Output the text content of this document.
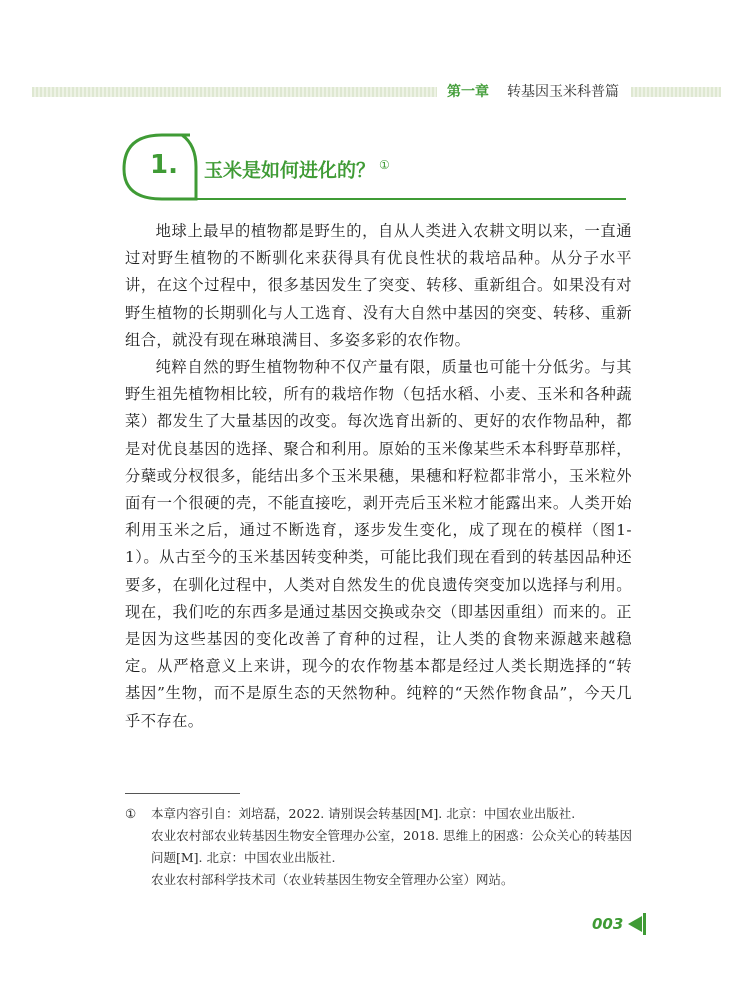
第一章 转基因玉米科普篇
1. 玉米是如何进化的？ ①

地球上最早的植物都是野生的，自从人类进入农耕文明以来，一直通过对野生植物的不断驯化来获得具有优良性状的栽培品种。从分子水平讲，在这个过程中，很多基因发生了突变、转移、重新组合。如果没有对野生植物的长期驯化与人工选育、没有大自然中基因的突变、转移、重新组合，就没有现在琳琅满目、多姿多彩的农作物。

纯粹自然的野生植物物种不仅产量有限，质量也可能十分低劣。与其野生祖先植物相比较，所有的栽培作物（包括水稻、小麦、玉米和各种蔬菜）都发生了大量基因的改变。每次选育出新的、更好的农作物品种，都是对优良基因的选择、聚合和利用。原始的玉米像某些禾本科野草那样，分蘖或分杈很多，能结出多个玉米果穗，果穗和籽粒都非常小，玉米粒外面有一个很硬的壳，不能直接吃，剥开壳后玉米粒才能露出来。人类开始利用玉米之后，通过不断选育，逐步发生变化，成了现在的模样（图1-1）。从古至今的玉米基因转变种类，可能比我们现在看到的转基因品种还要多，在驯化过程中，人类对自然发生的优良遗传突变加以选择与利用。现在，我们吃的东西多是通过基因交换或杂交（即基因重组）而来的。正是因为这些基因的变化改善了育种的过程，让人类的食物来源越来越稳定。从严格意义上来讲，现今的农作物基本都是经过人类长期选择的“转基因”生物，而不是原生态的天然物种。纯粹的“天然作物食品”，今天几乎不存在。

① 本章内容引自：刘培磊，2022. 请别误会转基因[M]. 北京：中国农业出版社.
农业农村部农业转基因生物安全管理办公室，2018. 思维上的困惑：公众关心的转基因问题[M]. 北京：中国农业出版社.
农业农村部科学技术司（农业转基因生物安全管理办公室）网站。
003
